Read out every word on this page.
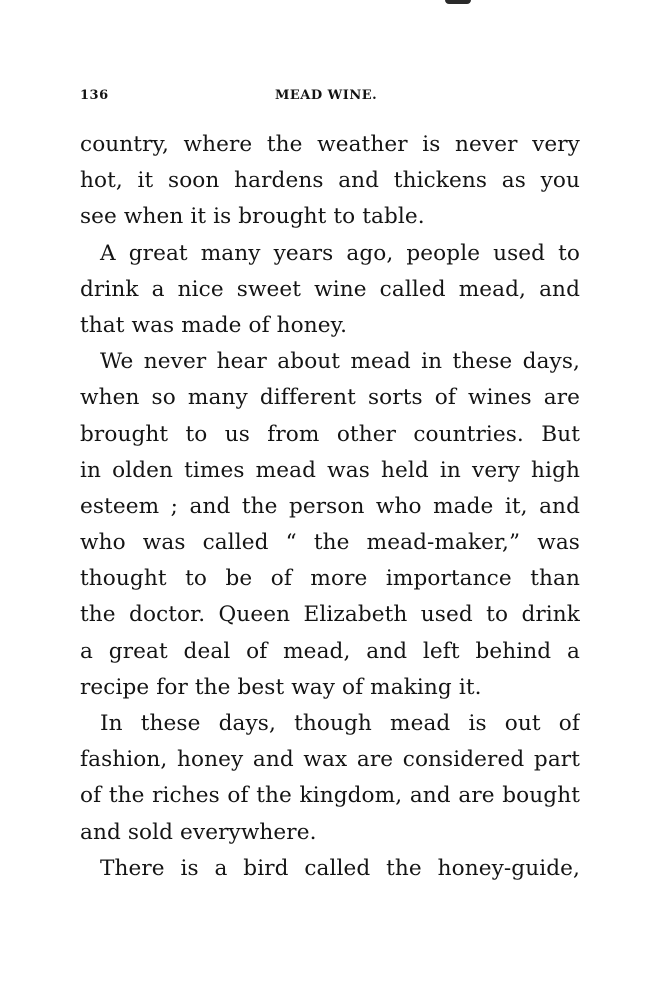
136	MEAD WINE.
country, where the weather is never very
hot, it soon hardens and thickens as you
see when it is brought to table.
A great many years ago, people used to
drink a nice sweet wine called mead, and
that was made of honey.
We never hear about mead in these days,
when so many different sorts of wines are
brought to us from other countries. But
in olden times mead was held in very high
esteem ; and the person who made it, and
who was called “ the mead-maker,” was
thought to be of more importance than
the doctor. Queen Elizabeth used to drink
a great deal of mead, and left behind a
recipe for the best way of making it.
In these days, though mead is out of
fashion, honey and wax are considered part
of the riches of the kingdom, and are bought
and sold everywhere.
There is a bird called the honey-guide,
